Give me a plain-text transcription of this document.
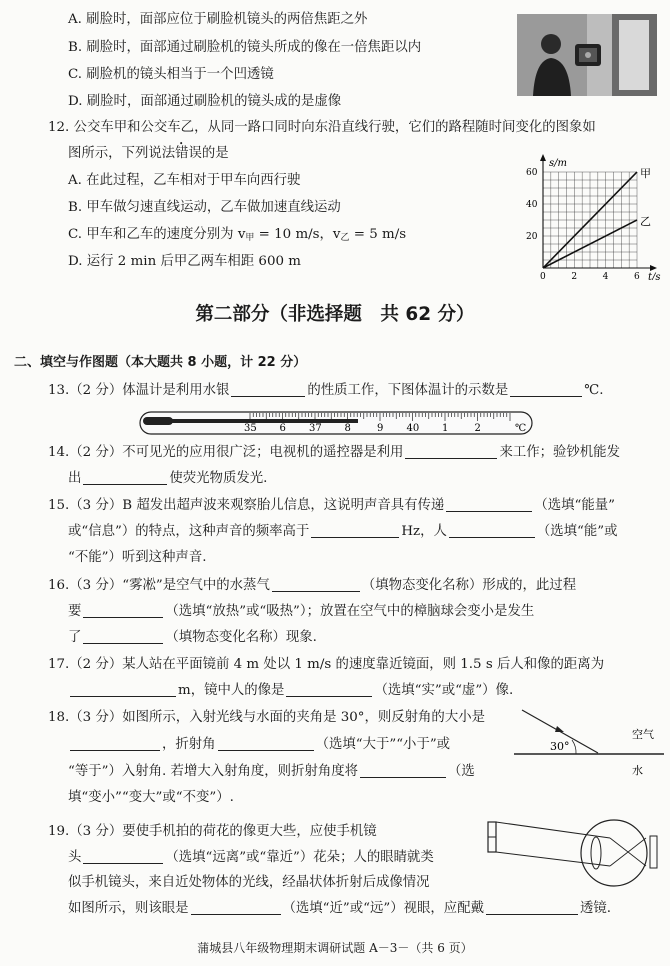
A. 刷脸时，面部应位于刷脸机镜头的两倍焦距之外
B. 刷脸时，面部通过刷脸机的镜头所成的像在一倍焦距以内
C. 刷脸机的镜头相当于一个凹透镜
D. 刷脸时，面部通过刷脸机的镜头成的是虚像
12. 公交车甲和公交车乙，从同一路口同时向东沿直线行驶，它们的路程随时间变化的图象如
图所示，下列说法错误的是
A. 在此过程，乙车相对于甲车向西行驶
B. 甲车做匀速直线运动，乙车做加速直线运动
C. 甲车和乙车的速度分别为 $v_甲 = 10$ m/s，$v_乙 = 5$ m/s
D. 运行 2 min 后甲乙两车相距 600 m
0	2	4	6
20
40
60
t/s
s/m
甲
乙
第二部分（非选择题　共 62 分）
二、填空与作图题（本大题共 8 小题，计 22 分）
13.（2 分）体温计是利用水银	的性质工作，下图体温计的示数是	℃.
35 6 37 8	9 40 1	2	℃
14.（2 分）不可见光的应用很广泛；电视机的遥控器是利用	来工作；验钞机能发
出	使荧光物质发光.
15.（3 分）B 超发出超声波来观察胎儿信息，这说明声音具有传递	（选填“能量”
或“信息”）的特点，这种声音的频率高于	Hz，人	（选填“能”或
“不能”）听到这种声音.
16.（3 分）“雾凇”是空气中的水蒸气	（填物态变化名称）形成的，此过程
要	（选填“放热”或“吸热”）；放置在空气中的樟脑球会变小是发生
了	（填物态变化名称）现象.
17.（2 分）某人站在平面镜前 4 m 处以 1 m/s 的速度靠近镜面，则 1.5 s 后人和像的距离为
m，镜中人的像是	（选填“实”或“虚”）像.
18.（3 分）如图所示，入射光线与水面的夹角是 30°，则反射角的大小是
，折射角	（选填“大于”“小于”或
“等于”）入射角. 若增大入射角度，则折射角度将	（选
填“变小”“变大”或“不变”）.
30°
空气
水
19.（3 分）要使手机拍的荷花的像更大些，应使手机镜
头	（选填“远离”或“靠近”）花朵；人的眼睛就类
似手机镜头，来自近处物体的光线，经晶状体折射后成像情况
如图所示，则该眼是	（选填“近”或“远”）视眼，应配戴	透镜.
蒲城县八年级物理期末调研试题 A－3－（共 6 页）
